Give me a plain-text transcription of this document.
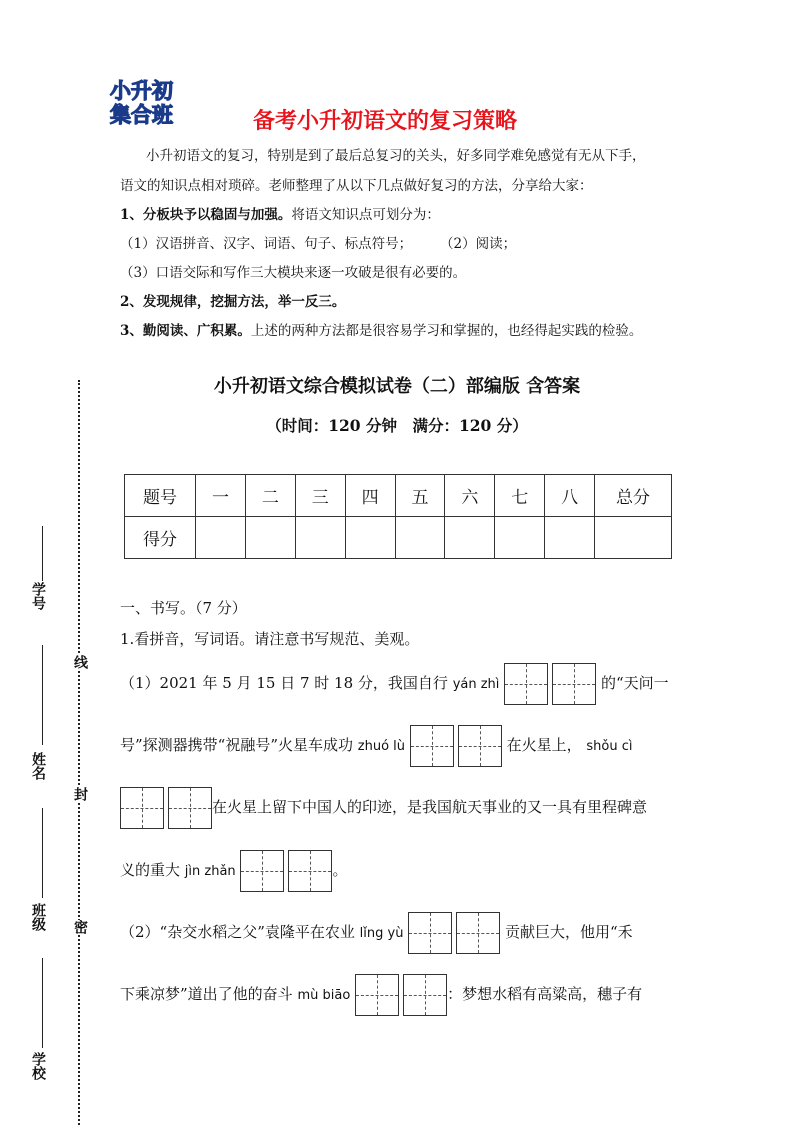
小升初
集合班	备考小升初语文的复习策略
小升初语文的复习，特别是到了最后总复习的关头，好多同学难免感觉有无从下手，
语文的知识点相对琐碎。老师整理了从以下几点做好复习的方法，分享给大家：
1、分板块予以稳固与加强。将语文知识点可划分为：
（1）汉语拼音、汉字、词语、句子、标点符号； （2）阅读；
（3）口语交际和写作三大模块来逐一攻破是很有必要的。
2、发现规律，挖掘方法，举一反三。
3、勤阅读、广积累。上述的两种方法都是很容易学习和掌握的，也经得起实践的检验。
小升初语文综合模拟试卷（二）部编版 含答案
（时间：120 分钟　满分：120 分）
题号	一	二	三	四	五	六	七	八	总分
得分									
一、书写。（7 分）
1.看拼音，写词语。请注意书写规范、美观。
（1）2021 年 5 月 15 日 7 时 18 分，我国自行 yán zhì	的“天问一
号”探测器携带“祝融号”火星车成功 zhuó lù	在火星上， shǒu cì
在火星上留下中国人的印迹，是我国航天事业的又一具有里程碑意
义的重大 jìn zhǎn	。
（2）“杂交水稻之父”袁隆平在农业 lǐng yù	贡献巨大，他用“禾
下乘凉梦”道出了他的奋斗 mù biāo	：梦想水稻有高粱高，穗子有
线
封
密
学号
姓名
班级
学校
